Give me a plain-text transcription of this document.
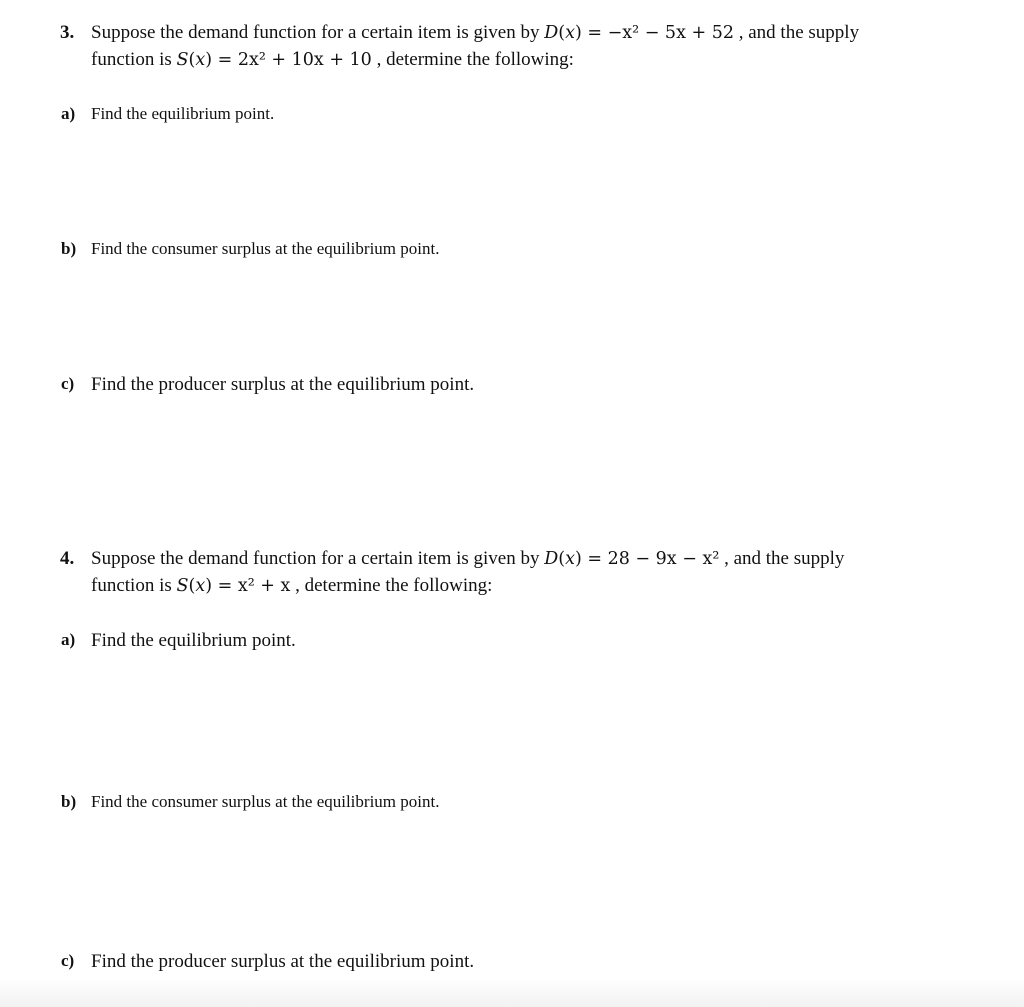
3. Suppose the demand function for a certain item is given by D(x) = −x² − 5x + 52 , and the supply
function is S(x) = 2x² + 10x + 10 , determine the following:
a) Find the equilibrium point.
b) Find the consumer surplus at the equilibrium point.
c) Find the producer surplus at the equilibrium point.
4. Suppose the demand function for a certain item is given by D(x) = 28 − 9x − x² , and the supply
function is S(x) = x² + x , determine the following:
a) Find the equilibrium point.
b) Find the consumer surplus at the equilibrium point.
c) Find the producer surplus at the equilibrium point.
